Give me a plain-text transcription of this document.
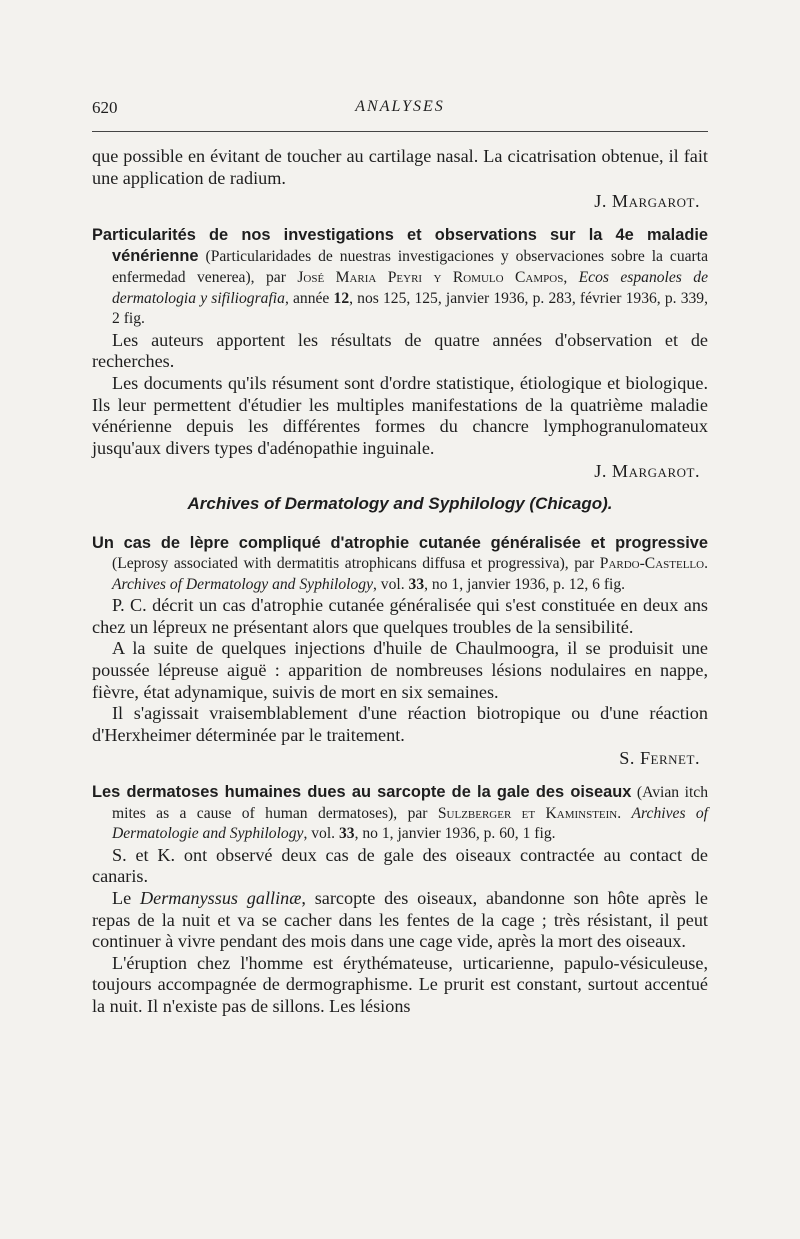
620	ANALYSES

que possible en évitant de toucher au cartilage nasal. La cicatrisation obtenue, il fait une application de radium.

J. Margarot.

Particularités de nos investigations et observations sur la 4e maladie vénérienne (Particularidades de nuestras investigaciones y observaciones sobre la cuarta enfermedad venerea), par José Maria Peyri y Romulo Campos, Ecos espanoles de dermatologia y sifiliografia, année 12, nos 125, 125, janvier 1936, p. 283, février 1936, p. 339, 2 fig.

Les auteurs apportent les résultats de quatre années d'observation et de recherches.

Les documents qu'ils résument sont d'ordre statistique, étiologique et biologique. Ils leur permettent d'étudier les multiples manifestations de la quatrième maladie vénérienne depuis les différentes formes du chancre lymphogranulomateux jusqu'aux divers types d'adénopathie inguinale.

J. Margarot.

Archives of Dermatology and Syphilology (Chicago).
Un cas de lèpre compliqué d'atrophie cutanée généralisée et progressive (Leprosy associated with dermatitis atrophicans diffusa et progressiva), par Pardo-Castello. Archives of Dermatology and Syphilology, vol. 33, no 1, janvier 1936, p. 12, 6 fig.

P. C. décrit un cas d'atrophie cutanée généralisée qui s'est constituée en deux ans chez un lépreux ne présentant alors que quelques troubles de la sensibilité.

A la suite de quelques injections d'huile de Chaulmoogra, il se produisit une poussée lépreuse aiguë : apparition de nombreuses lésions nodulaires en nappe, fièvre, état adynamique, suivis de mort en six semaines.

Il s'agissait vraisemblablement d'une réaction biotropique ou d'une réaction d'Herxheimer déterminée par le traitement.

S. Fernet.

Les dermatoses humaines dues au sarcopte de la gale des oiseaux (Avian itch mites as a cause of human dermatoses), par Sulzberger et Kaminstein. Archives of Dermatologie and Syphilology, vol. 33, no 1, janvier 1936, p. 60, 1 fig.

S. et K. ont observé deux cas de gale des oiseaux contractée au contact de canaris.

Le Dermanyssus gallinæ, sarcopte des oiseaux, abandonne son hôte après le repas de la nuit et va se cacher dans les fentes de la cage ; très résistant, il peut continuer à vivre pendant des mois dans une cage vide, après la mort des oiseaux.

L'éruption chez l'homme est érythémateuse, urticarienne, papulo-vésiculeuse, toujours accompagnée de dermographisme. Le prurit est constant, surtout accentué la nuit. Il n'existe pas de sillons. Les lésions
